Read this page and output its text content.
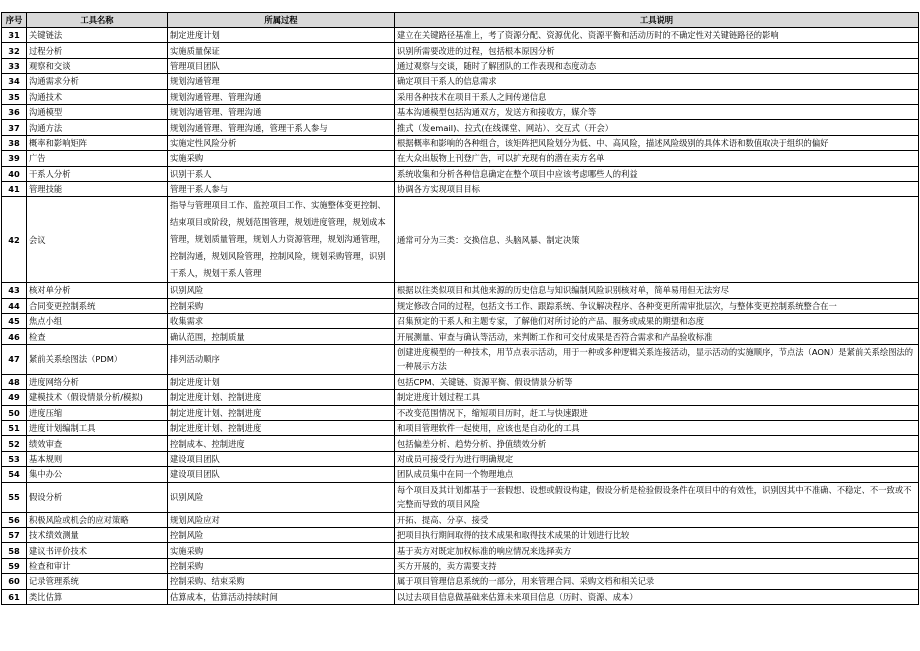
序号	工具名称	所属过程	工具说明
31	关键链法	制定进度计划	建立在关键路径基准上，考了资源分配、资源优化、资源平衡和活动历时的不确定性对关键链路径的影响
32	过程分析	实施质量保证	识别所需要改进的过程，包括根本原因分析
33	观察和交谈	管理项目团队	通过观察与交谈，随时了解团队的工作表现和态度动态
34	沟通需求分析	规划沟通管理	确定项目干系人的信息需求
35	沟通技术	规划沟通管理、管理沟通	采用各种技术在项目干系人之间传递信息
36	沟通模型	规划沟通管理、管理沟通	基本沟通模型包括沟通双方，发送方和接收方，媒介等
37	沟通方法	规划沟通管理、管理沟通，管理干系人参与	推式（发email)、拉式(在线课堂、网站）、交互式（开会）
38	概率和影响矩阵	实施定性风险分析	根据概率和影响的各种组合，该矩阵把风险划分为低、中、高风险，描述风险级别的具体术语和数值取决于组织的偏好
39	广告	实施采购	在大众出版物上刊登广告，可以扩充现有的潜在卖方名单
40	干系人分析	识别干系人	系统收集和分析各种信息确定在整个项目中应该考虑哪些人的利益
41	管理技能	管理干系人参与	协调各方实现项目目标
42	会议	指导与管理项目工作、监控项目工作、实施整体变更控制、结束项目或阶段，规划范围管理，规划进度管理，规划成本管理，规划质量管理，规划人力资源管理，规划沟通管理，控制沟通，规划风险管理，控制风险，规划采购管理，识别干系人，规划干系人管理	通常可分为三类：交换信息、头脑风暴、制定决策
43	核对单分析	识别风险	根据以往类似项目和其他来源的历史信息与知识编制风险识别核对单，简单易用但无法穷尽
44	合同变更控制系统	控制采购	规定修改合同的过程，包括文书工作、跟踪系统、争议解决程序、各种变更所需审批层次，与整体变更控制系统整合在一
45	焦点小组	收集需求	召集预定的干系人和主题专家，了解他们对所讨论的产品、服务或成果的期望和态度
46	检查	确认范围，控制质量	开展测量、审查与确认等活动，来判断工作和可交付成果是否符合需求和产品验收标准
47	紧前关系绘图法（PDM）	排列活动顺序	创建进度模型的一种技术，用节点表示活动，用于一种或多种逻辑关系连接活动，显示活动的实施顺序，节点法（AON）是紧前关系绘图法的一种展示方法
48	进度网络分析	制定进度计划	包括CPM、关键链、资源平衡、假设情景分析等
49	建模技术（假设情景分析/模拟)	制定进度计划、控制进度	制定进度计划过程工具
50	进度压缩	制定进度计划、控制进度	不改变范围情况下，缩短项目历时，赶工与快速跟进
51	进度计划编制工具	制定进度计划、控制进度	和项目管理软件一起使用，应该也是自动化的工具
52	绩效审查	控制成本、控制进度	包括偏差分析、趋势分析、挣值绩效分析
53	基本规则	建设项目团队	对成员可接受行为进行明确规定
54	集中办公	建设项目团队	团队成员集中在同一个物理地点
55	假设分析	识别风险	每个项目及其计划都基于一套假想、设想或假设构建，假设分析是检验假设条件在项目中的有效性，识别因其中不准确、不稳定、不一致或不完整而导致的项目风险
56	积极风险或机会的应对策略	规划风险应对	开拓、提高、分享、接受
57	技术绩效测量	控制风险	把项目执行期间取得的技术成果和取得技术成果的计划进行比较
58	建议书评价技术	实施采购	基于卖方对既定加权标准的响应情况来选择卖方
59	检查和审计	控制采购	买方开展的，卖方需要支持
60	记录管理系统	控制采购、结束采购	属于项目管理信息系统的一部分，用来管理合同、采购文档和相关记录
61	类比估算	估算成本，估算活动持续时间	以过去项目信息做基础来估算未来项目信息（历时、资源、成本）
